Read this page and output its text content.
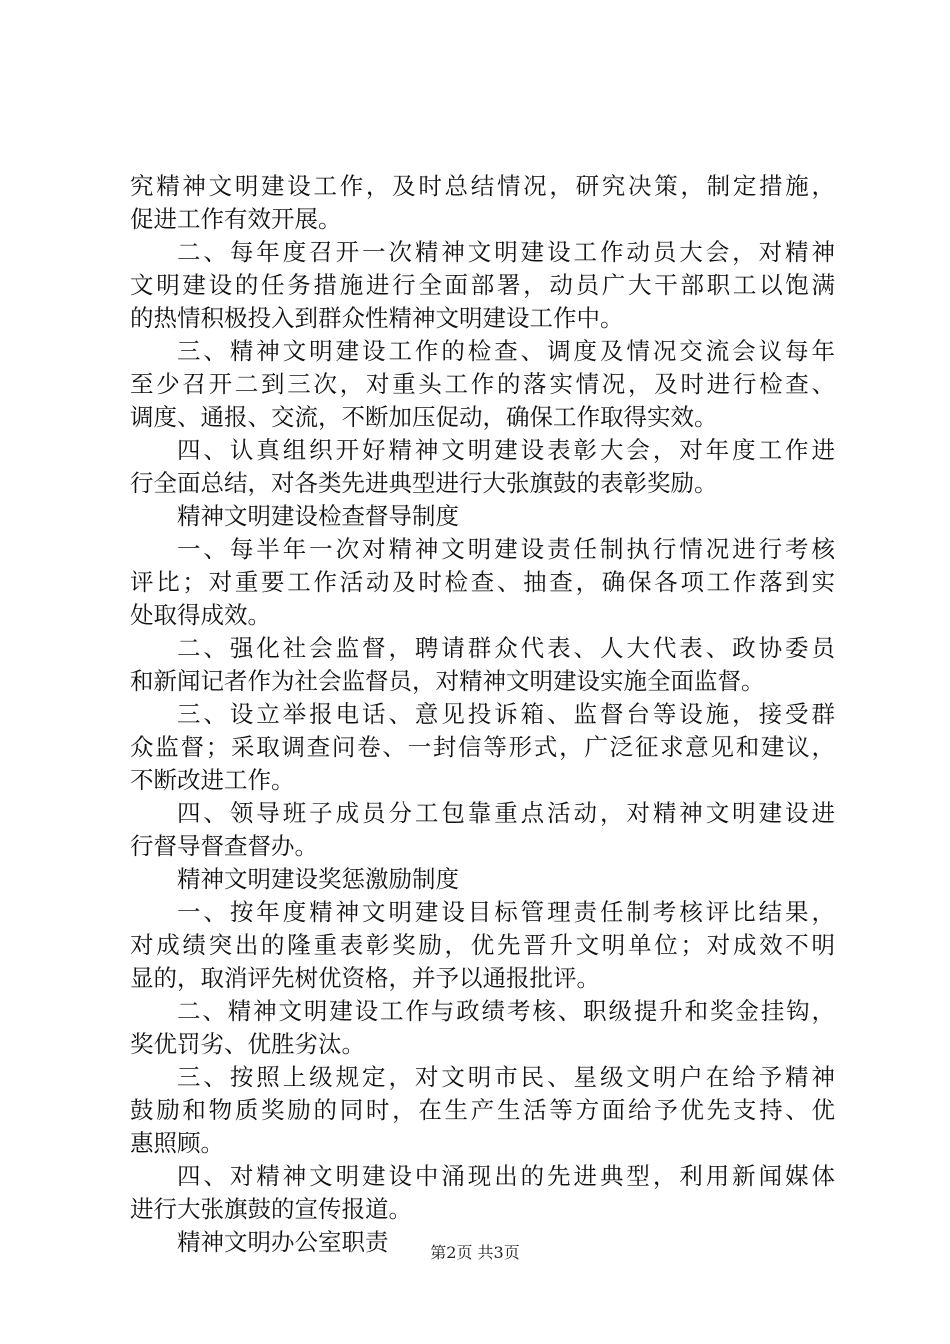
究精神文明建设工作，及时总结情况，研究决策，制定措施，
促进工作有效开展。
二、每年度召开一次精神文明建设工作动员大会，对精神
文明建设的任务措施进行全面部署，动员广大干部职工以饱满
的热情积极投入到群众性精神文明建设工作中。
三、精神文明建设工作的检查、调度及情况交流会议每年
至少召开二到三次，对重头工作的落实情况，及时进行检查、
调度、通报、交流，不断加压促动，确保工作取得实效。
四、认真组织开好精神文明建设表彰大会，对年度工作进
行全面总结，对各类先进典型进行大张旗鼓的表彰奖励。
精神文明建设检查督导制度
一、每半年一次对精神文明建设责任制执行情况进行考核
评比；对重要工作活动及时检查、抽查，确保各项工作落到实
处取得成效。
二、强化社会监督，聘请群众代表、人大代表、政协委员
和新闻记者作为社会监督员，对精神文明建设实施全面监督。
三、设立举报电话、意见投诉箱、监督台等设施，接受群
众监督；采取调查问卷、一封信等形式，广泛征求意见和建议，
不断改进工作。
四、领导班子成员分工包靠重点活动，对精神文明建设进
行督导督查督办。
精神文明建设奖惩激励制度
一、按年度精神文明建设目标管理责任制考核评比结果，
对成绩突出的隆重表彰奖励，优先晋升文明单位；对成效不明
显的，取消评先树优资格，并予以通报批评。
二、精神文明建设工作与政绩考核、职级提升和奖金挂钩，
奖优罚劣、优胜劣汰。
三、按照上级规定，对文明市民、星级文明户在给予精神
鼓励和物质奖励的同时，在生产生活等方面给予优先支持、优
惠照顾。
四、对精神文明建设中涌现出的先进典型，利用新闻媒体
进行大张旗鼓的宣传报道。
精神文明办公室职责	第2页 共3页
